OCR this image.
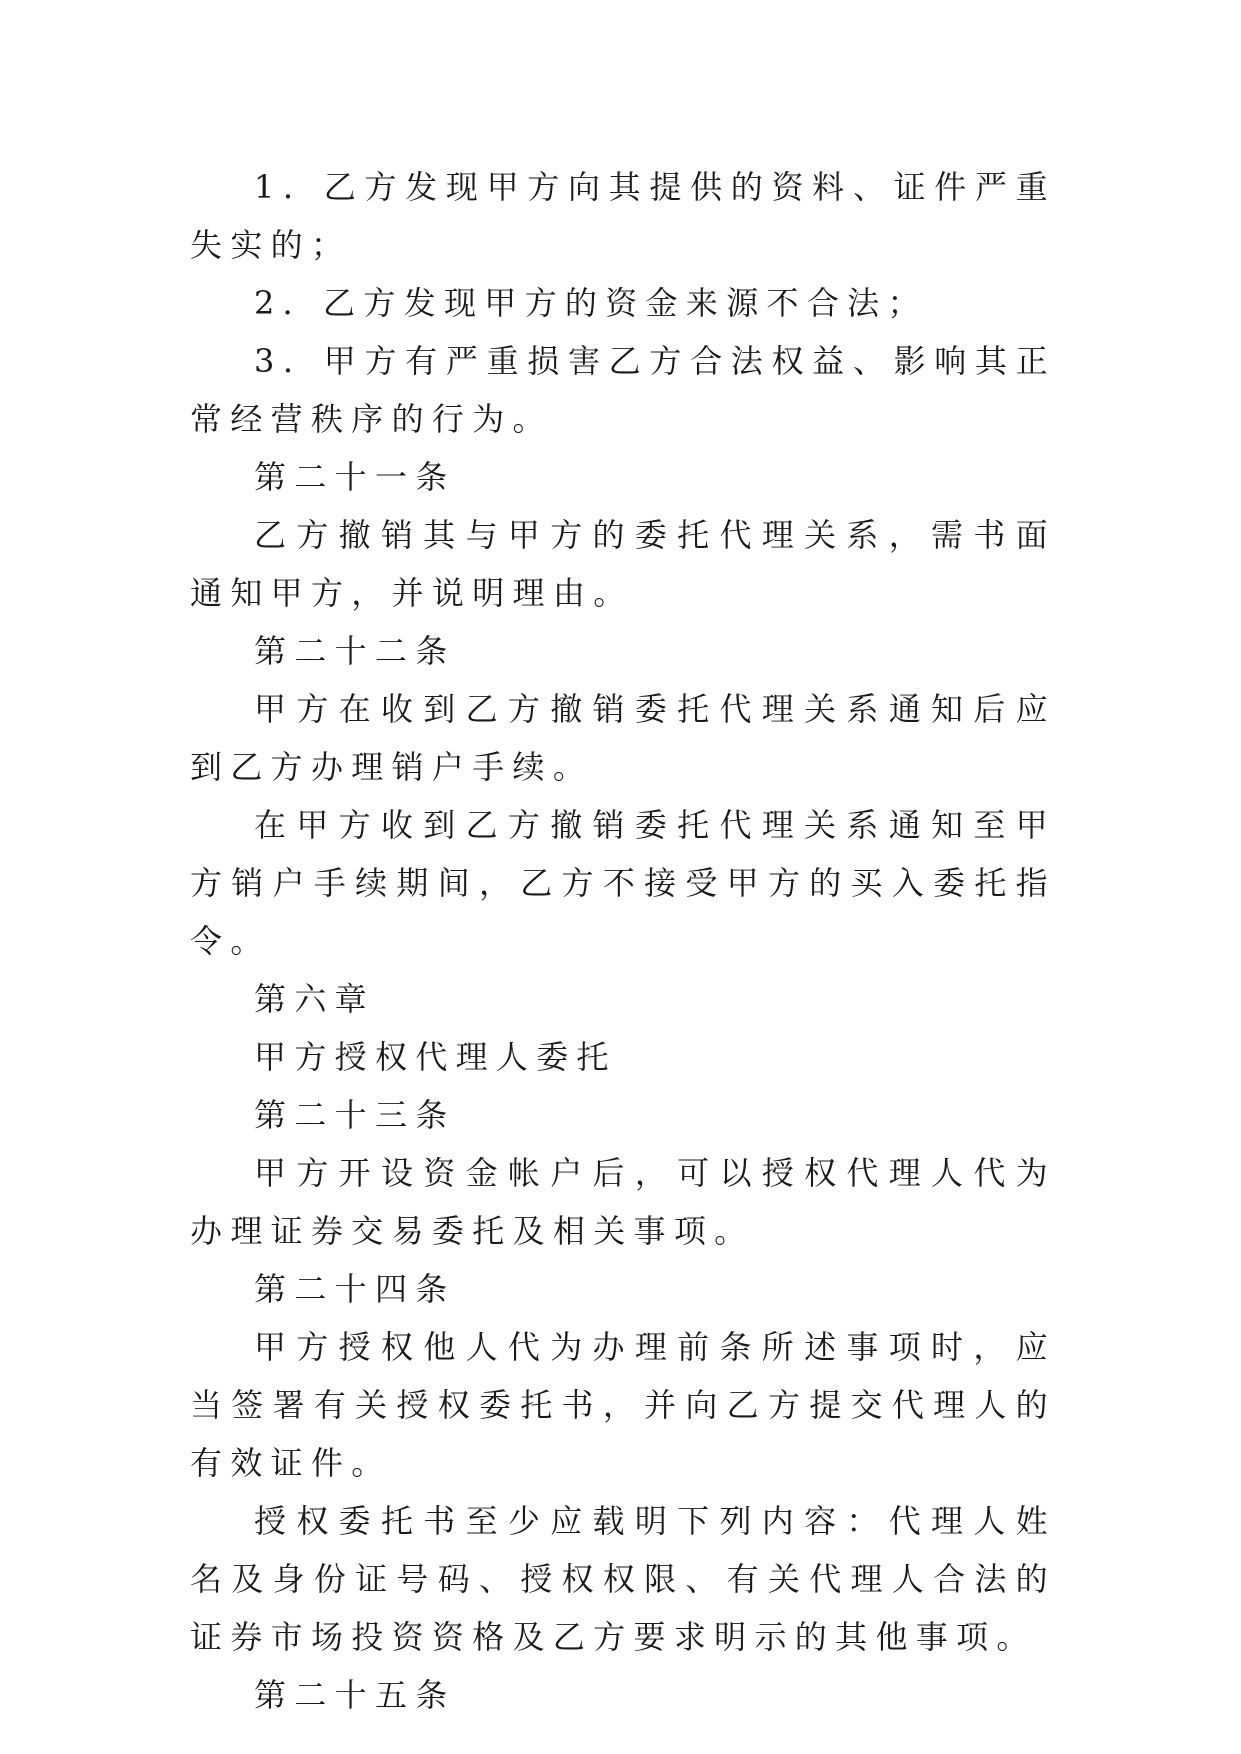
1．乙方发现甲方向其提供的资料、证件严重失实的；

2．乙方发现甲方的资金来源不合法；

3．甲方有严重损害乙方合法权益、影响其正常经营秩序的行为。

第二十一条

乙方撤销其与甲方的委托代理关系，需书面通知甲方，并说明理由。

第二十二条

甲方在收到乙方撤销委托代理关系通知后应到乙方办理销户手续。

在甲方收到乙方撤销委托代理关系通知至甲方销户手续期间，乙方不接受甲方的买入委托指令。

第六章

甲方授权代理人委托

第二十三条

甲方开设资金帐户后，可以授权代理人代为办理证券交易委托及相关事项。

第二十四条

甲方授权他人代为办理前条所述事项时，应当签署有关授权委托书，并向乙方提交代理人的有效证件。

授权委托书至少应载明下列内容：代理人姓名及身份证号码、授权权限、有关代理人合法的证券市场投资资格及乙方要求明示的其他事项。

第二十五条
